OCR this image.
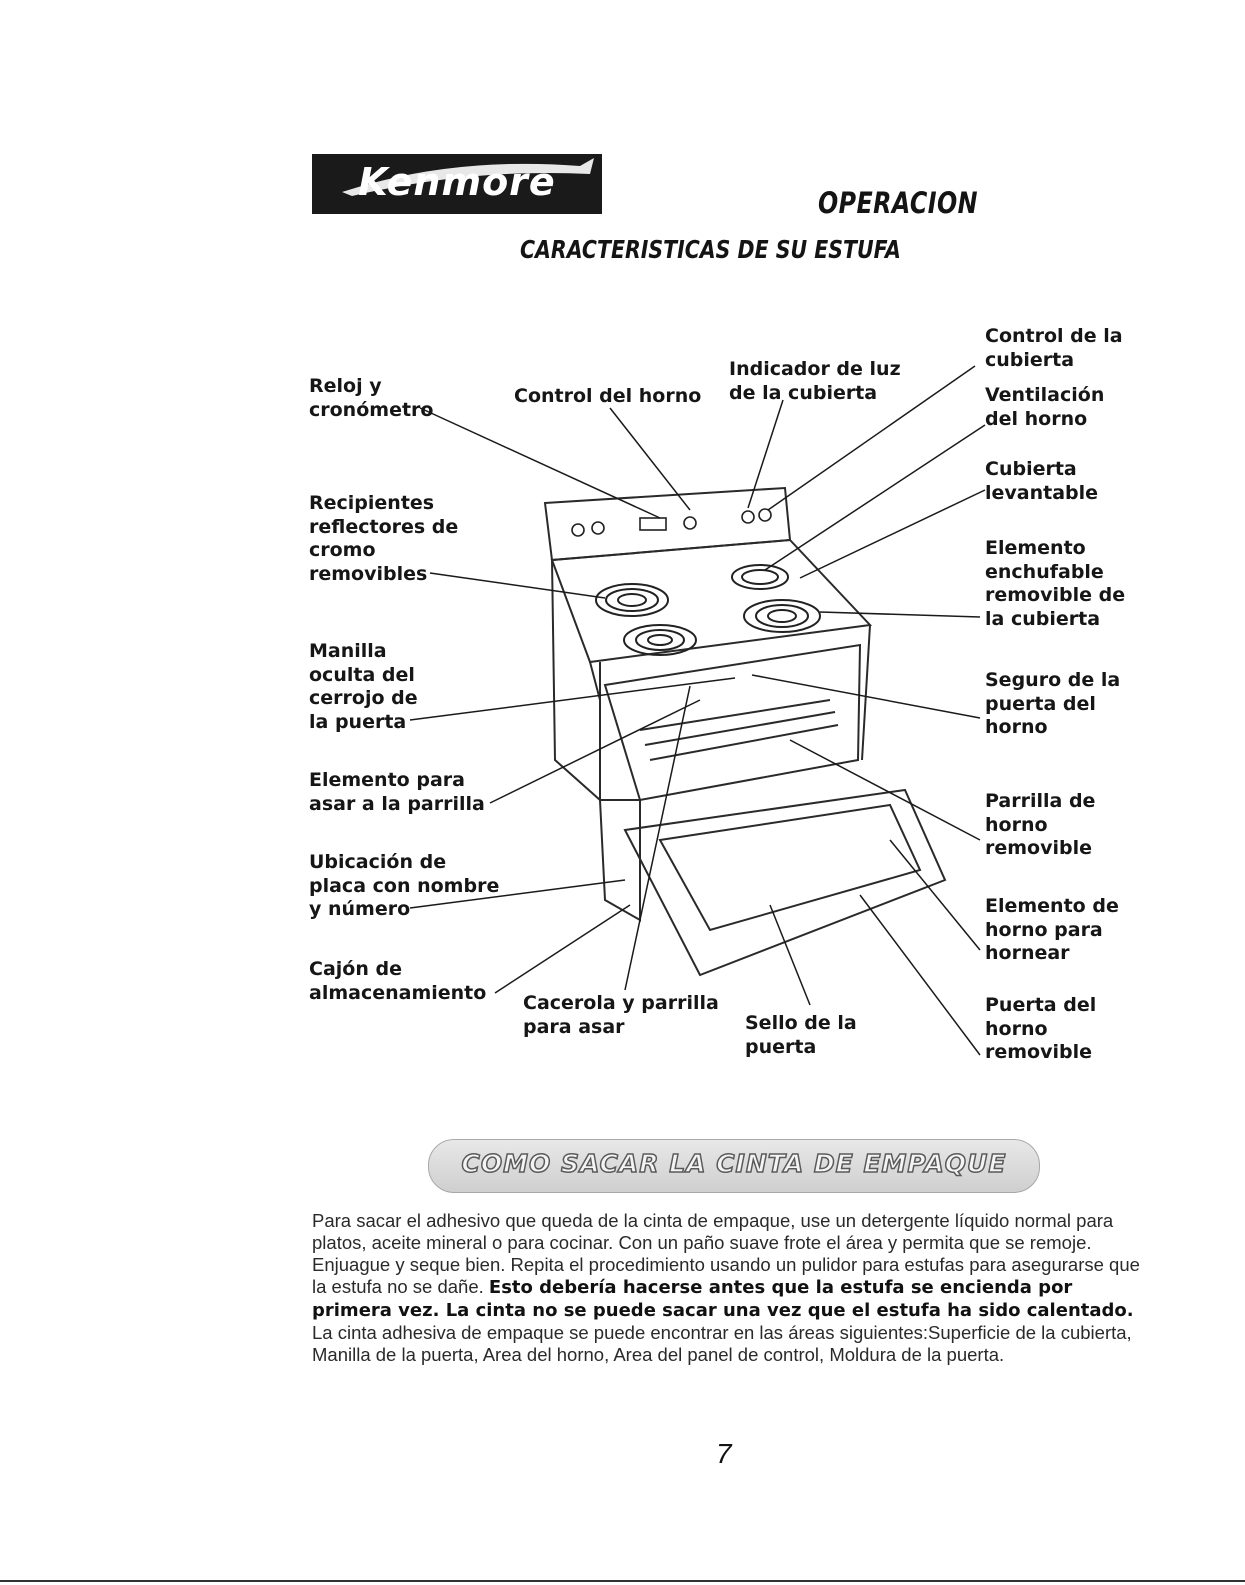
Kenmore	OPERACION
CARACTERISTICAS DE SU ESTUFA
Reloj y
cronómetro
Control del horno
Indicador de luz
de la cubierta
Control de la
cubierta
Ventilación
del horno
Cubierta
levantable
Elemento
enchufable
removible de
la cubierta
Recipientes
reflectores de
cromo
removibles
Manilla
oculta del
cerrojo de
la puerta
Seguro de la
puerta del
horno
Elemento para
asar a la parrilla	Parrilla de
horno
removible
Ubicación de
placa con nombre
y número	Elemento de
horno para
hornear
Cajón de
almacenamiento Cacerola y parrilla
para asar	Sello de la
puerta
Puerta del
horno
removible
COMO SACAR LA CINTA DE EMPAQUE
Para sacar el adhesivo que queda de la cinta de empaque, use un detergente líquido normal para platos, aceite mineral o para cocinar. Con un paño suave frote el área y permita que se remoje. Enjuague y seque bien. Repita el procedimiento usando un pulidor para estufas para asegurarse que la estufa no se dañe. Esto debería hacerse antes que la estufa se encienda por primera vez. La cinta no se puede sacar una vez que el estufa ha sido calentado. La cinta adhesiva de empaque se puede encontrar en las áreas siguientes:Superficie de la cubierta, Manilla de la puerta, Area del horno, Area del panel de control, Moldura de la puerta.
7
